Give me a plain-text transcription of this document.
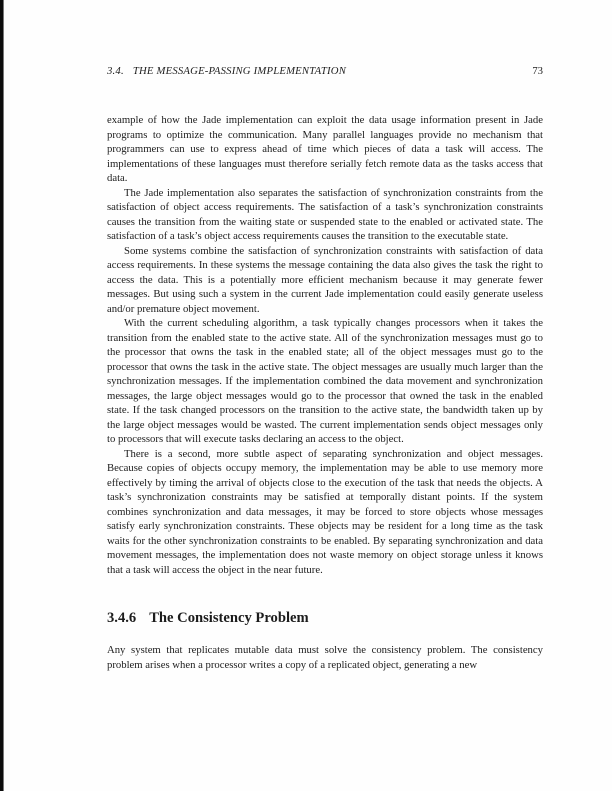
3.4. THE MESSAGE-PASSING IMPLEMENTATION	73

example of how the Jade implementation can exploit the data usage information present in Jade programs to optimize the communication. Many parallel languages provide no mechanism that programmers can use to express ahead of time which pieces of data a task will access. The implementations of these languages must therefore serially fetch remote data as the tasks access that data.

The Jade implementation also separates the satisfaction of synchronization constraints from the satisfaction of object access requirements. The satisfaction of a task’s synchronization constraints causes the transition from the waiting state or suspended state to the enabled or activated state. The satisfaction of a task’s object access requirements causes the transition to the executable state.

Some systems combine the satisfaction of synchronization constraints with satisfaction of data access requirements. In these systems the message containing the data also gives the task the right to access the data. This is a potentially more efficient mechanism because it may generate fewer messages. But using such a system in the current Jade implementation could easily generate useless and/or premature object movement.

With the current scheduling algorithm, a task typically changes processors when it takes the transition from the enabled state to the active state. All of the synchronization messages must go to the processor that owns the task in the enabled state; all of the object messages must go to the processor that owns the task in the active state. The object messages are usually much larger than the synchronization messages. If the implementation combined the data movement and synchronization messages, the large object messages would go to the processor that owned the task in the enabled state. If the task changed processors on the transition to the active state, the bandwidth taken up by the large object messages would be wasted. The current implementation sends object messages only to processors that will execute tasks declaring an access to the object.

There is a second, more subtle aspect of separating synchronization and object messages. Because copies of objects occupy memory, the implementation may be able to use memory more effectively by timing the arrival of objects close to the execution of the task that needs the objects. A task’s synchronization constraints may be satisfied at temporally distant points. If the system combines synchronization and data messages, it may be forced to store objects whose messages satisfy early synchronization constraints. These objects may be resident for a long time as the task waits for the other synchronization constraints to be enabled. By separating synchronization and data movement messages, the implementation does not waste memory on object storage unless it knows that a task will access the object in the near future.

3.4.6 The Consistency Problem

Any system that replicates mutable data must solve the consistency problem. The consistency problem arises when a processor writes a copy of a replicated object, generating a new
